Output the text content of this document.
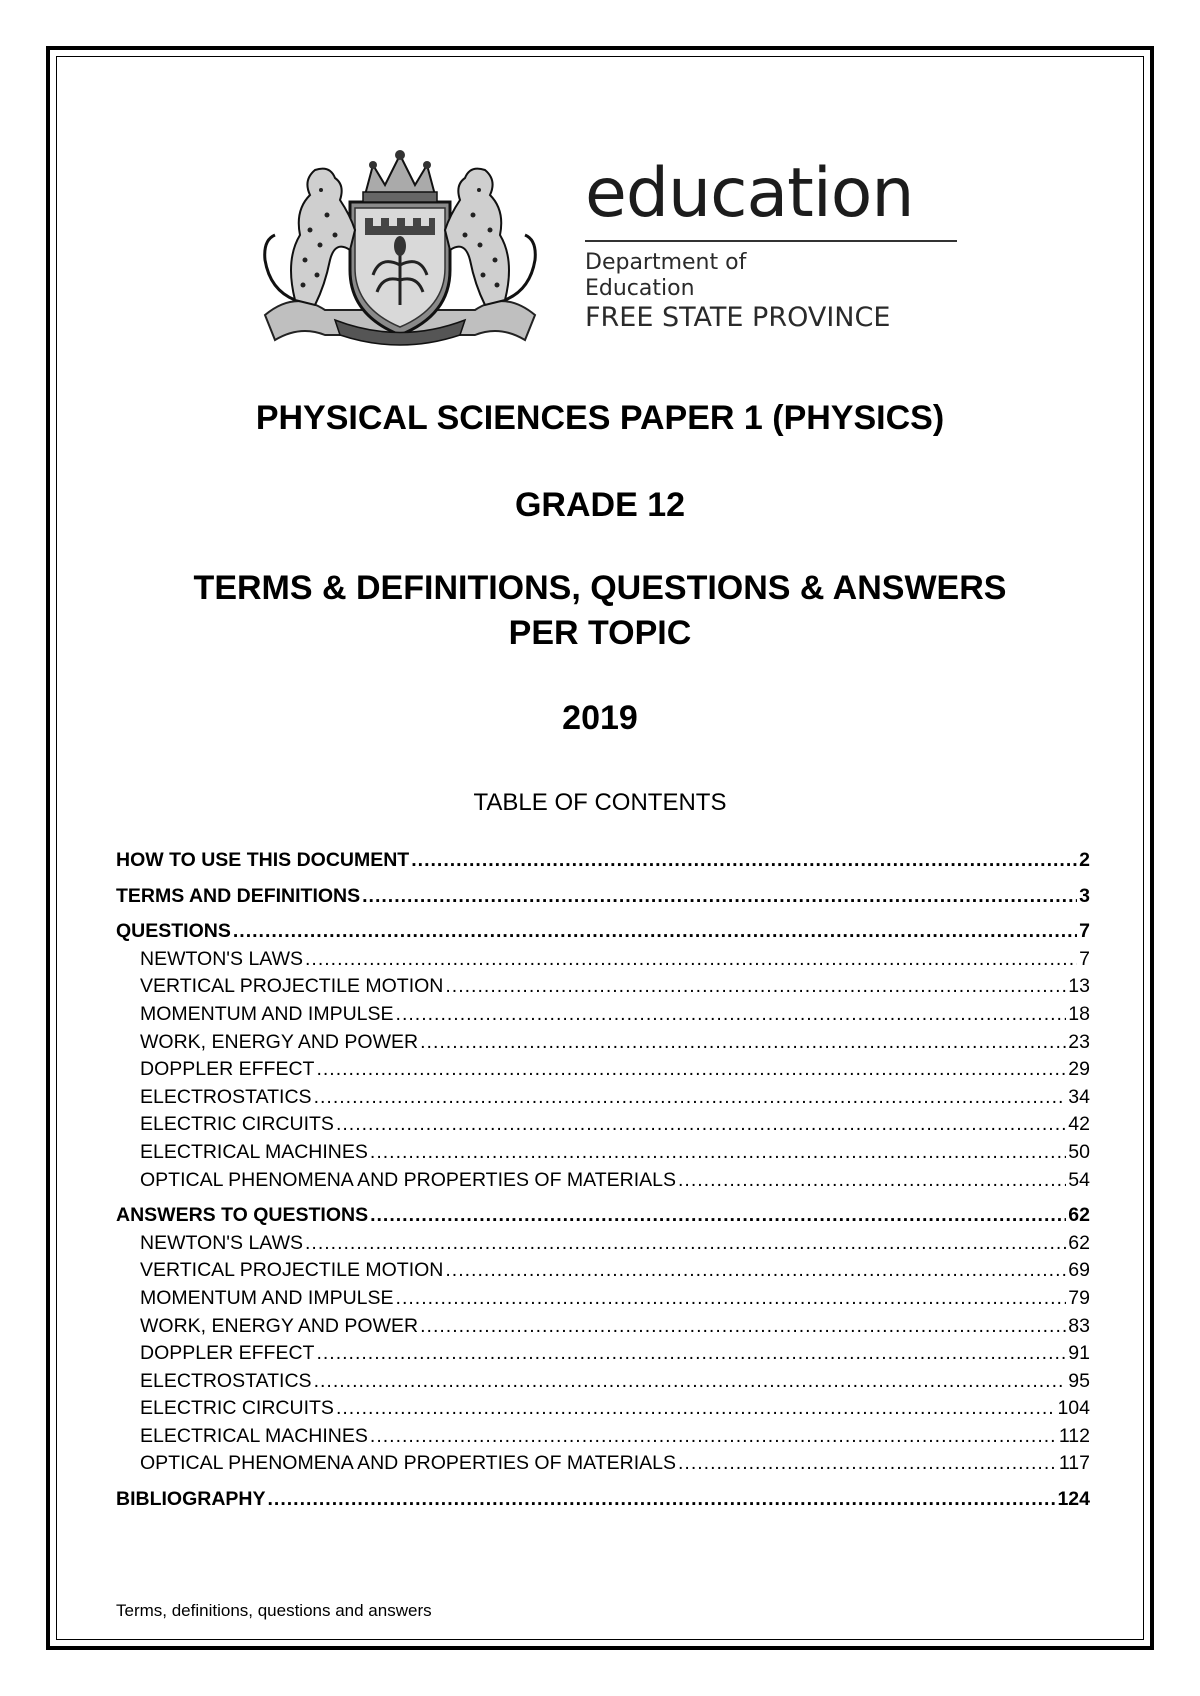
education
Department of
Education
FREE STATE PROVINCE
PHYSICAL SCIENCES PAPER 1 (PHYSICS)
GRADE 12
TERMS & DEFINITIONS, QUESTIONS & ANSWERS
PER TOPIC
2019
TABLE OF CONTENTS
HOW TO USE THIS DOCUMENT .....	2
TERMS AND DEFINITIONS .....	3
QUESTIONS .....	7
NEWTON'S LAWS .....	7
VERTICAL PROJECTILE MOTION .....	13
MOMENTUM AND IMPULSE .....	18
WORK, ENERGY AND POWER .....	23
DOPPLER EFFECT .....	29
ELECTROSTATICS .....	34
ELECTRIC CIRCUITS .....	42
ELECTRICAL MACHINES .....	50
OPTICAL PHENOMENA AND PROPERTIES OF MATERIALS .....	54
ANSWERS TO QUESTIONS .....	62
NEWTON'S LAWS .....	62
VERTICAL PROJECTILE MOTION .....	69
MOMENTUM AND IMPULSE .....	79
WORK, ENERGY AND POWER .....	83
DOPPLER EFFECT .....	91
ELECTROSTATICS .....	95
ELECTRIC CIRCUITS .....	104
ELECTRICAL MACHINES .....	112
OPTICAL PHENOMENA AND PROPERTIES OF MATERIALS .....	117
BIBLIOGRAPHY .....	124
Terms, definitions, questions and answers
